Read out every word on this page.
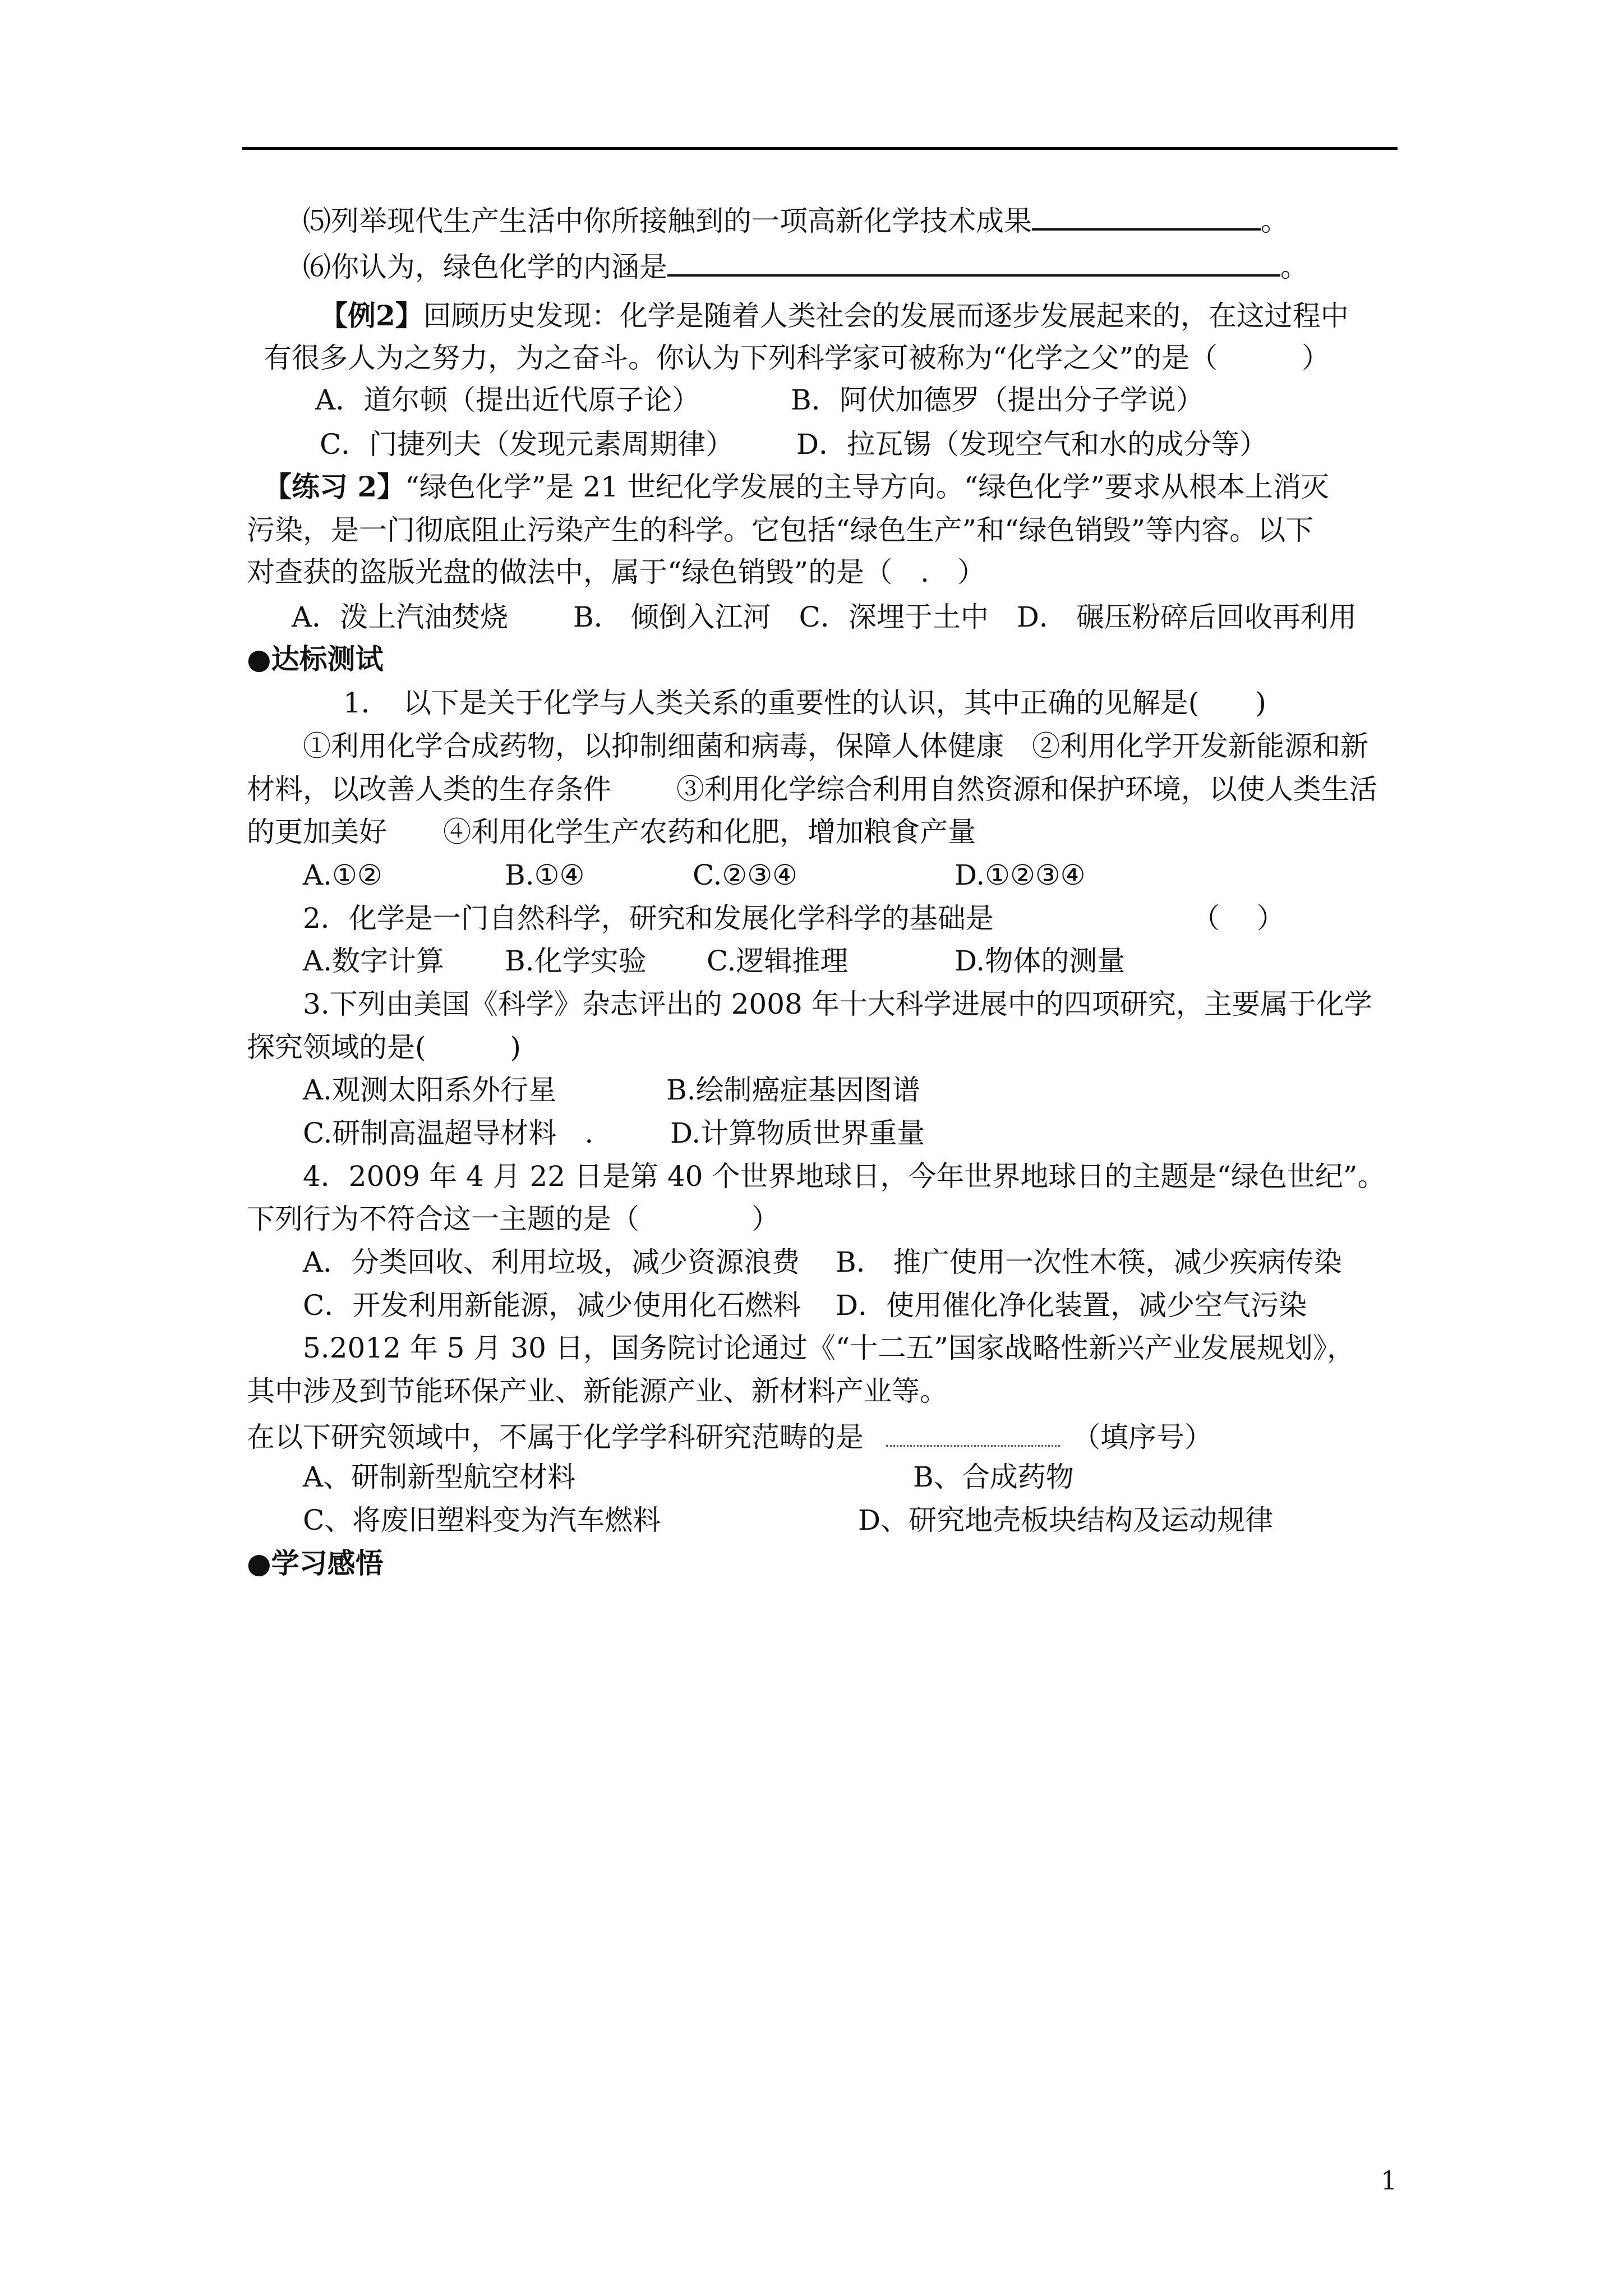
⑸列举现代生产生活中你所接触到的一项高新化学技术成果	。
⑹你认为，绿色化学的内涵是	。
【例2】回顾历史发现：化学是随着人类社会的发展而逐步发展起来的，在这过程中
有很多人为之努力，为之奋斗。你认为下列科学家可被称为“化学之父”的是（　　　）
A．道尔顿（提出近代原子论）	B．阿伏加德罗（提出分子学说）
C．门捷列夫（发现元素周期律） D．拉瓦锡（发现空气和水的成分等）
【练习 2】“绿色化学”是 21 世纪化学发展的主导方向。“绿色化学”要求从根本上消灭
污染，是一门彻底阻止污染产生的科学。它包括“绿色生产”和“绿色销毁”等内容。以下
对查获的盗版光盘的做法中，属于“绿色销毁”的是（　.　）
A．泼上汽油焚烧　　 B． 倾倒入江河　C．深埋于土中　D． 碾压粉碎后回收再利用
●达标测试
1．　以下是关于化学与人类关系的重要性的认识，其中正确的见解是(　　)
①利用化学合成药物，以抑制细菌和病毒，保障人体健康　②利用化学开发新能源和新
材料，以改善人类的生存条件　　 ③利用化学综合利用自然资源和保护环境，以使人类生活
的更加美好　　④利用化学生产农药和化肥，增加粮食产量
A.①②	B.①④	C.②③④	D.①②③④
2．化学是一门自然科学，研究和发展化学科学的基础是	（　 ）
A.数字计算 B.化学实验 C.逻辑推理	D.物体的测量
3.下列由美国《科学》杂志评出的 2008 年十大科学进展中的四项研究，主要属于化学
探究领域的是(　　　)
A.观测太阳系外行星	B.绘制癌症基因图谱
C.研制高温超导材料　.	D.计算物质世界重量
4．2009 年 4 月 22 日是第 40 个世界地球日，今年世界地球日的主题是“绿色世纪”。
下列行为不符合这一主题的是（　　　　）
A．分类回收、利用垃圾，减少资源浪费 B． 推广使用一次性木筷，减少疾病传染
C．开发利用新能源，减少使用化石燃料 D．使用催化净化装置，减少空气污染
5.2012 年 5 月 30 日，国务院讨论通过《“十二五”国家战略性新兴产业发展规划》，
其中涉及到节能环保产业、新能源产业、新材料产业等。
在以下研究领域中，不属于化学学科研究范畴的是	（填序号）
A、研制新型航空材料	B、合成药物
C、将废旧塑料变为汽车燃料	D、研究地壳板块结构及运动规律
●学习感悟
1
